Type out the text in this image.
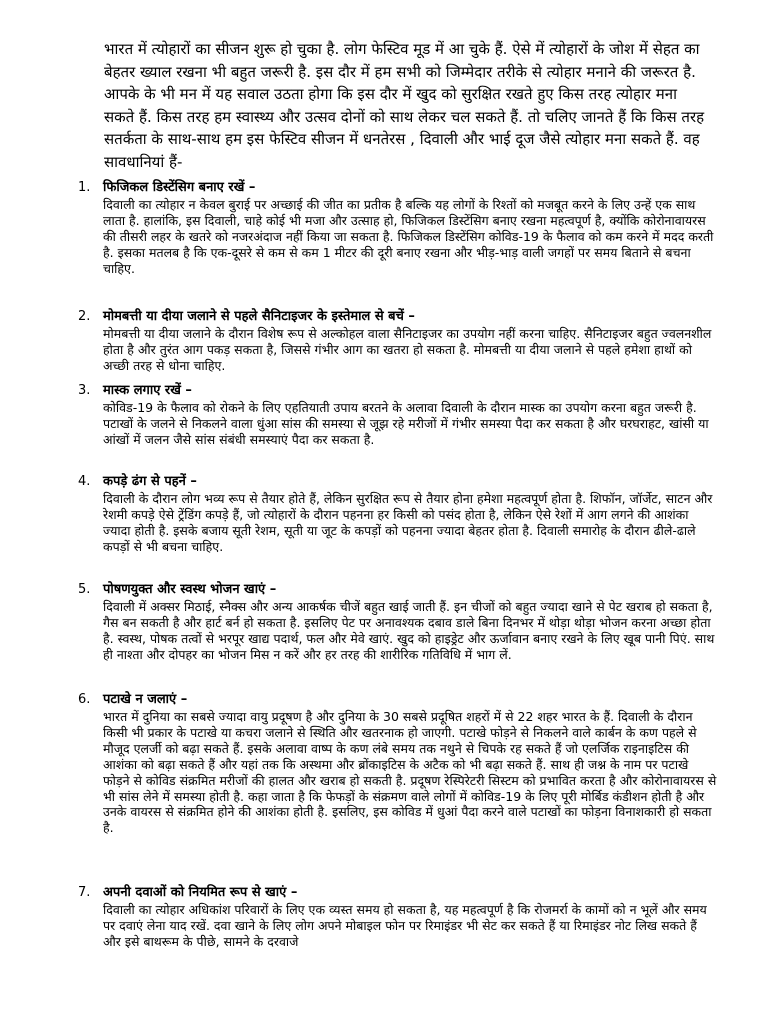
भारत में त्योहारों का सीजन शुरू हो चुका है. लोग फेस्टिव मूड में आ चुके हैं. ऐसे में त्योहारों के जोश में सेहत का बेहतर ख्याल रखना भी बहुत जरूरी है. इस दौर में हम सभी को जिम्मेदार तरीके से त्योहार मनाने की जरूरत है. आपके के भी मन में यह सवाल उठता होगा कि इस दौर में खुद को सुरक्षित रखते हुए किस तरह त्योहार मना सकते हैं. किस तरह हम स्वास्थ्य और उत्सव दोनों को साथ लेकर चल सकते हैं. तो चलिए जानते हैं कि किस तरह सतर्कता के साथ-साथ हम इस फेस्टिव सीजन में धनतेरस , दिवाली और भाई दूज जैसे त्योहार मना सकते हैं. वह सावधानियां हैं-

1. फिजिकल डिस्टेंसिग बनाए रखें –

दिवाली का त्योहार न केवल बुराई पर अच्छाई की जीत का प्रतीक है बल्कि यह लोगों के रिश्तों को मजबूत करने के लिए उन्हें एक साथ लाता है. हालांकि, इस दिवाली, चाहे कोई भी मजा और उत्साह हो, फिजिकल डिस्टेंसिग बनाए रखना महत्वपूर्ण है, क्योंकि कोरोनावायरस की तीसरी लहर के खतरे को नजरअंदाज नहीं किया जा सकता है. फिजिकल डिस्टेंसिग कोविड-19 के फैलाव को कम करने में मदद करती है. इसका मतलब है कि एक-दूसरे से कम से कम 1 मीटर की दूरी बनाए रखना और भीड़-भाड़ वाली जगहों पर समय बिताने से बचना चाहिए.

2. मोमबत्ती या दीया जलाने से पहले सैनिटाइजर के इस्तेमाल से बचें –

मोमबत्ती या दीया जलाने के दौरान विशेष रूप से अल्कोहल वाला सैनिटाइजर का उपयोग नहीं करना चाहिए. सैनिटाइजर बहुत ज्वलनशील होता है और तुरंत आग पकड़ सकता है, जिससे गंभीर आग का खतरा हो सकता है. मोमबत्ती या दीया जलाने से पहले हमेशा हाथों को अच्छी तरह से धोना चाहिए.

3. मास्क लगाए रखें –

कोविड-19 के फैलाव को रोकने के लिए एहतियाती उपाय बरतने के अलावा दिवाली के दौरान मास्क का उपयोग करना बहुत जरूरी है. पटाखों के जलने से निकलने वाला धुंआ सांस की समस्या से जूझ रहे मरीजों में गंभीर समस्या पैदा कर सकता है और घरघराहट, खांसी या आंखों में जलन जैसे सांस संबंधी समस्याएं पैदा कर सकता है.

4. कपड़े ढंग से पहनें –

दिवाली के दौरान लोग भव्य रूप से तैयार होते हैं, लेकिन सुरक्षित रूप से तैयार होना हमेशा महत्वपूर्ण होता है. शिफॉन, जॉर्जेट, साटन और रेशमी कपड़े ऐसे ट्रेंडिंग कपड़े हैं, जो त्योहारों के दौरान पहनना हर किसी को पसंद होता है, लेकिन ऐसे रेशों में आग लगने की आशंका ज्यादा होती है. इसके बजाय सूती रेशम, सूती या जूट के कपड़ों को पहनना ज्यादा बेहतर होता है. दिवाली समारोह के दौरान ढीले-ढाले कपड़ों से भी बचना चाहिए.

5. पोषणयुक्त और स्वस्थ भोजन खाएं –

दिवाली में अक्सर मिठाई, स्नैक्स और अन्य आकर्षक चीजें बहुत खाई जाती हैं. इन चीजों को बहुत ज्यादा खाने से पेट खराब हो सकता है, गैस बन सकती है और हार्ट बर्न हो सकता है. इसलिए पेट पर अनावश्यक दबाव डाले बिना दिनभर में थोड़ा थोड़ा भोजन करना अच्छा होता है. स्वस्थ, पोषक तत्वों से भरपूर खाद्य पदार्थ, फल और मेवे खाएं. खुद को हाइड्रेट और ऊर्जावान बनाए रखने के लिए खूब पानी पिएं. साथ ही नाश्ता और दोपहर का भोजन मिस न करें और हर तरह की शारीरिक गतिविधि में भाग लें.

6. पटाखे न जलाएं –

भारत में दुनिया का सबसे ज्यादा वायु प्रदूषण है और दुनिया के 30 सबसे प्रदूषित शहरों में से 22 शहर भारत के हैं. दिवाली के दौरान किसी भी प्रकार के पटाखे या कचरा जलाने से स्थिति और खतरनाक हो जाएगी. पटाखे फोड़ने से निकलने वाले कार्बन के कण पहले से मौजूद एलर्जी को बढ़ा सकते हैं. इसके अलावा वाष्प के कण लंबे समय तक नथुने से चिपके रह सकते हैं जो एलर्जिक राइनाइटिस की आशंका को बढ़ा सकते हैं और यहां तक कि अस्थमा और ब्रोंकाइटिस के अटैक को भी बढ़ा सकते हैं. साथ ही जश्न के नाम पर पटाखे फोड़ने से कोविड संक्रमित मरीजों की हालत और खराब हो सकती है. प्रदूषण रेस्पिरेटरी सिस्टम को प्रभावित करता है और कोरोनावायरस से भी सांस लेने में समस्या होती है. कहा जाता है कि फेफड़ों के संक्रमण वाले लोगों में कोविड-19 के लिए पूरी मोर्बिड कंडीशन होती है और उनके वायरस से संक्रमित होने की आशंका होती है. इसलिए, इस कोविड में धुआं पैदा करने वाले पटाखों का फोड़ना विनाशकारी हो सकता है.

7. अपनी दवाओं को नियमित रूप से खाएं –

दिवाली का त्योहार अधिकांश परिवारों के लिए एक व्यस्त समय हो सकता है, यह महत्वपूर्ण है कि रोजमर्रा के कामों को न भूलें और समय पर दवाएं लेना याद रखें. दवा खाने के लिए लोग अपने मोबाइल फोन पर रिमाइंडर भी सेट कर सकते हैं या रिमाइंडर नोट लिख सकते हैं और इसे बाथरूम के पीछे, सामने के दरवाजे
